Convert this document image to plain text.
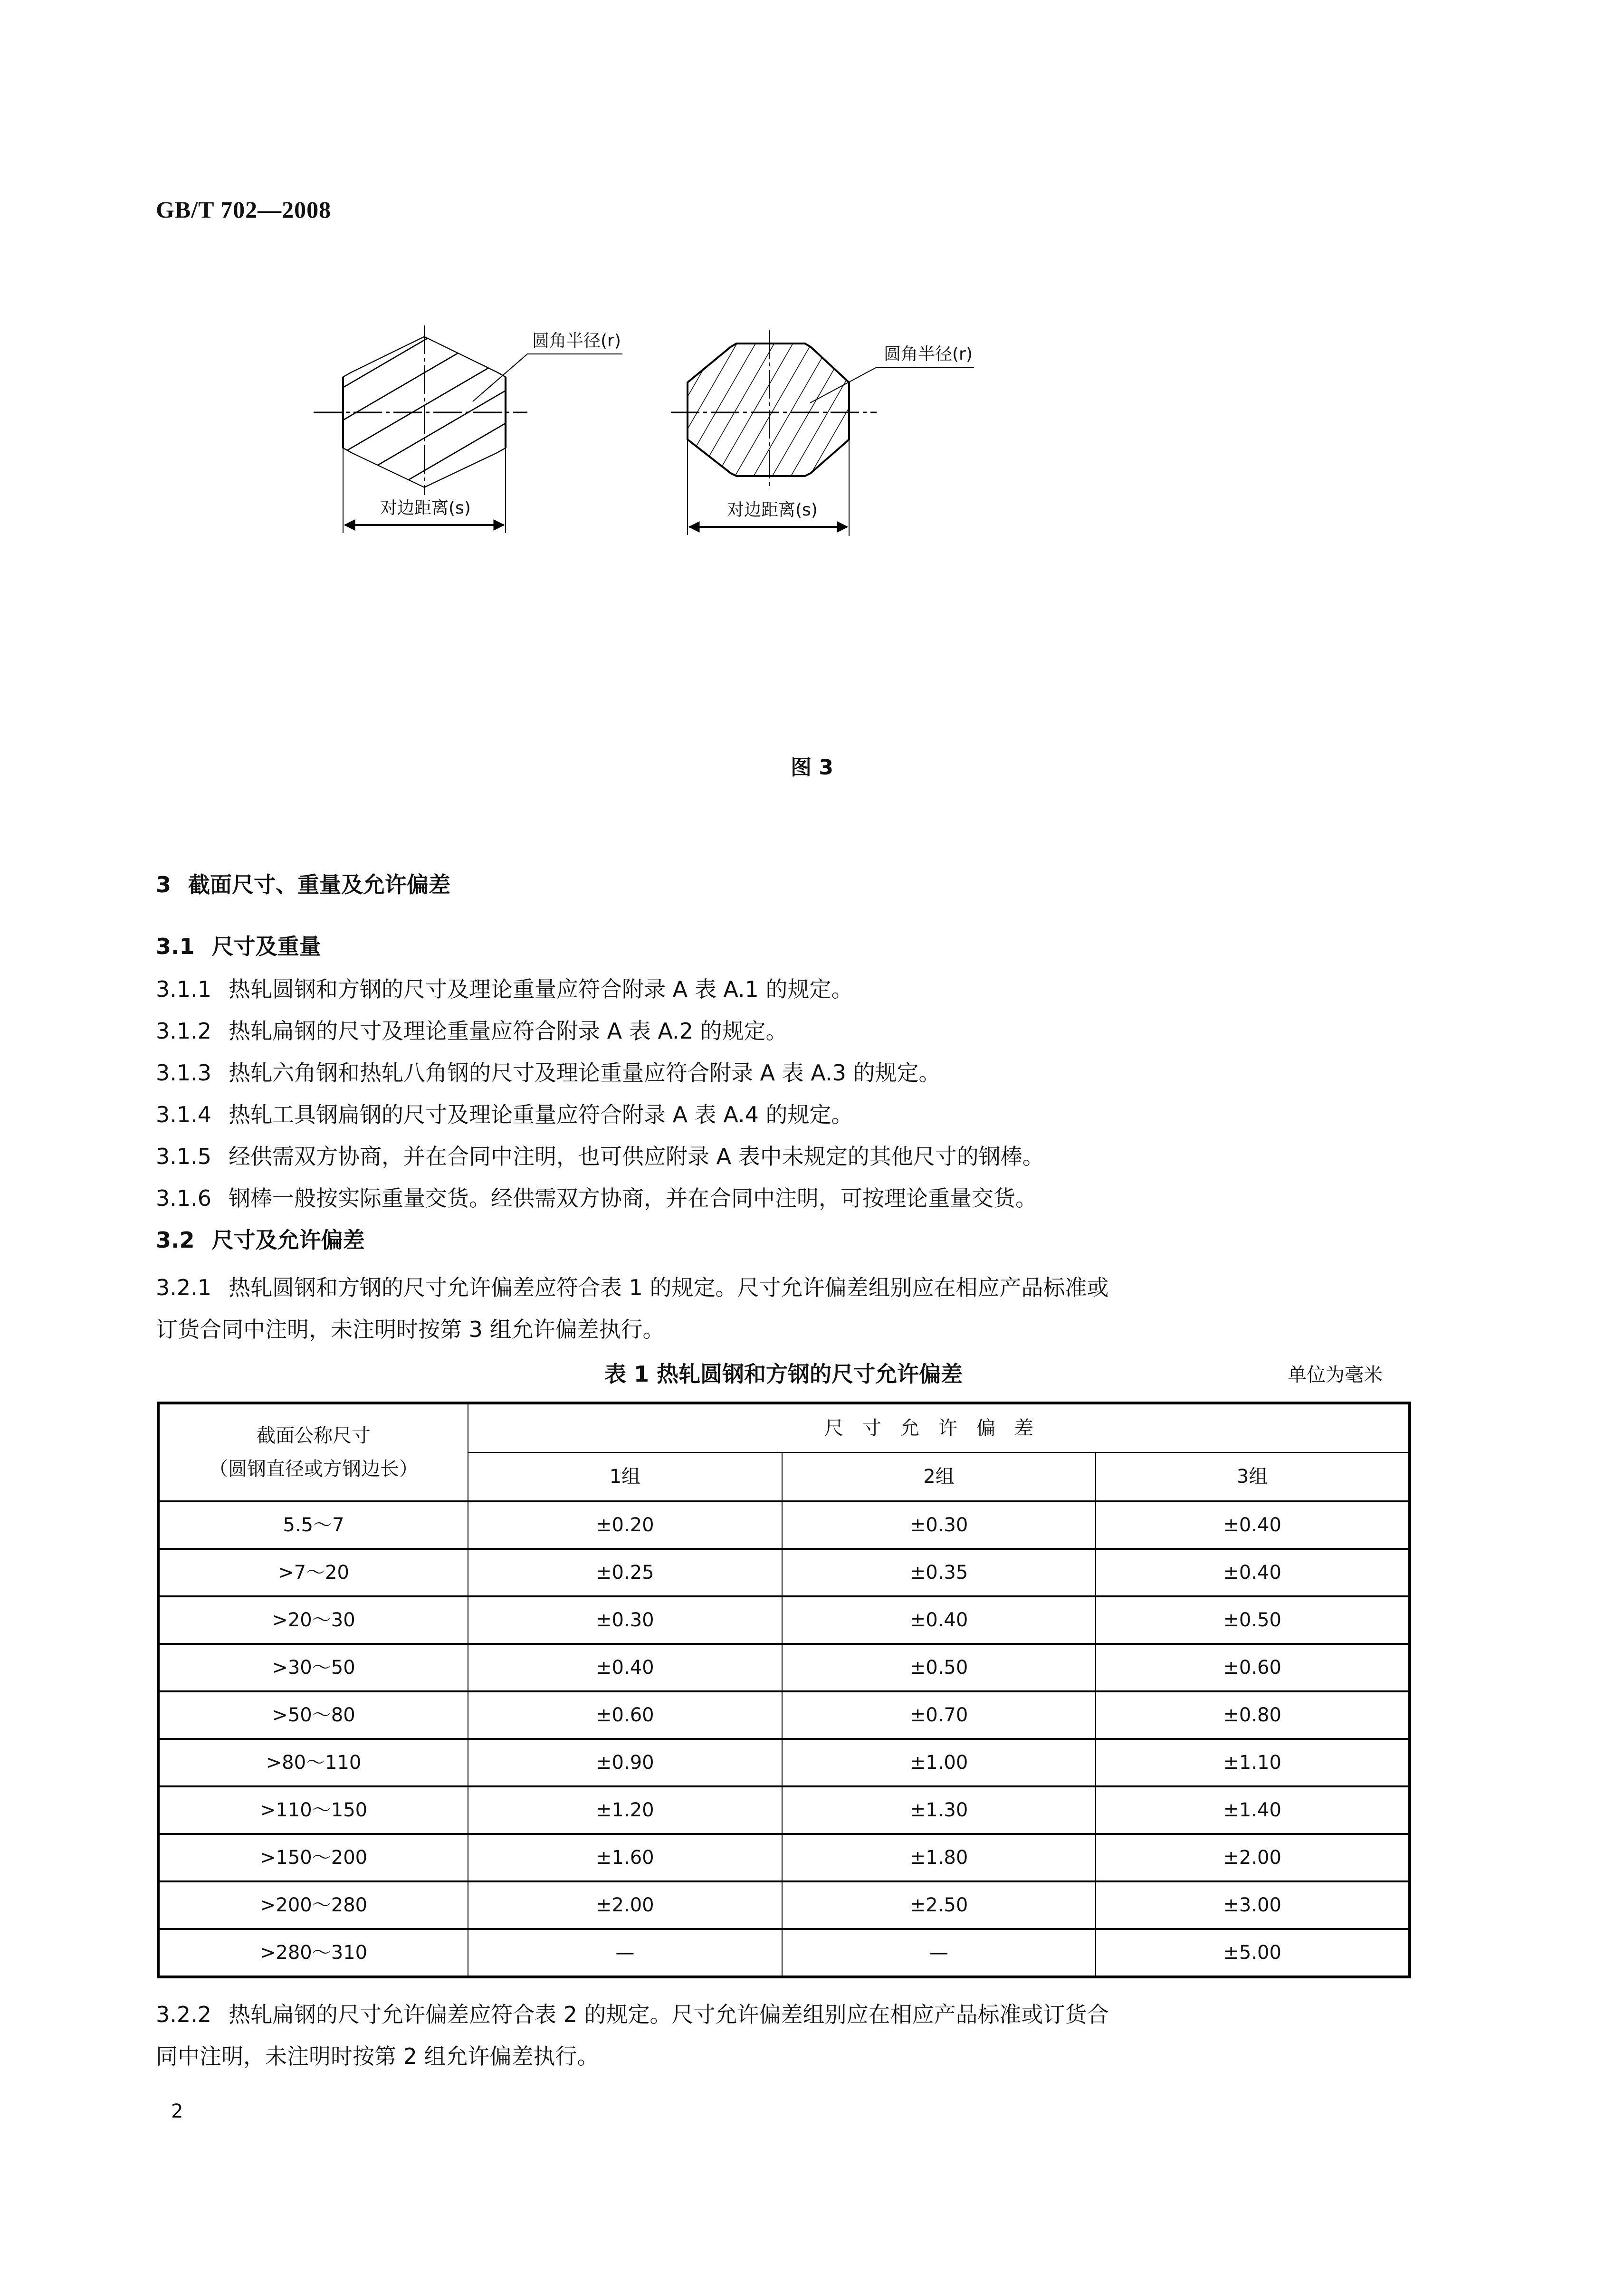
GB/T 702—2008
圆角半径(r)
对边距离(s)
圆角半径(r)
对边距离(s)
图 3
3 截面尺寸、重量及允许偏差
3.1 尺寸及重量
3.1.1 热轧圆钢和方钢的尺寸及理论重量应符合附录 A 表 A.1 的规定。
3.1.2 热轧扁钢的尺寸及理论重量应符合附录 A 表 A.2 的规定。
3.1.3 热轧六角钢和热轧八角钢的尺寸及理论重量应符合附录 A 表 A.3 的规定。
3.1.4 热轧工具钢扁钢的尺寸及理论重量应符合附录 A 表 A.4 的规定。
3.1.5 经供需双方协商，并在合同中注明，也可供应附录 A 表中未规定的其他尺寸的钢棒。
3.1.6 钢棒一般按实际重量交货。经供需双方协商，并在合同中注明，可按理论重量交货。
3.2 尺寸及允许偏差
3.2.1 热轧圆钢和方钢的尺寸允许偏差应符合表 1 的规定。尺寸允许偏差组别应在相应产品标准或
订货合同中注明，未注明时按第 3 组允许偏差执行。
表 1 热轧圆钢和方钢的尺寸允许偏差	单位为毫米
截面公称尺寸
（圆钢直径或方钢边长）	尺寸允许偏差		
	1组	2组	3组
5.5～7	±0.20	±0.30	±0.40
>7～20	±0.25	±0.35	±0.40
>20～30	±0.30	±0.40	±0.50
>30～50	±0.40	±0.50	±0.60
>50～80	±0.60	±0.70	±0.80
>80～110	±0.90	±1.00	±1.10
>110～150	±1.20	±1.30	±1.40
>150～200	±1.60	±1.80	±2.00
>200～280	±2.00	±2.50	±3.00
>280～310	—	—	±5.00
3.2.2 热轧扁钢的尺寸允许偏差应符合表 2 的规定。尺寸允许偏差组别应在相应产品标准或订货合
同中注明，未注明时按第 2 组允许偏差执行。
2
